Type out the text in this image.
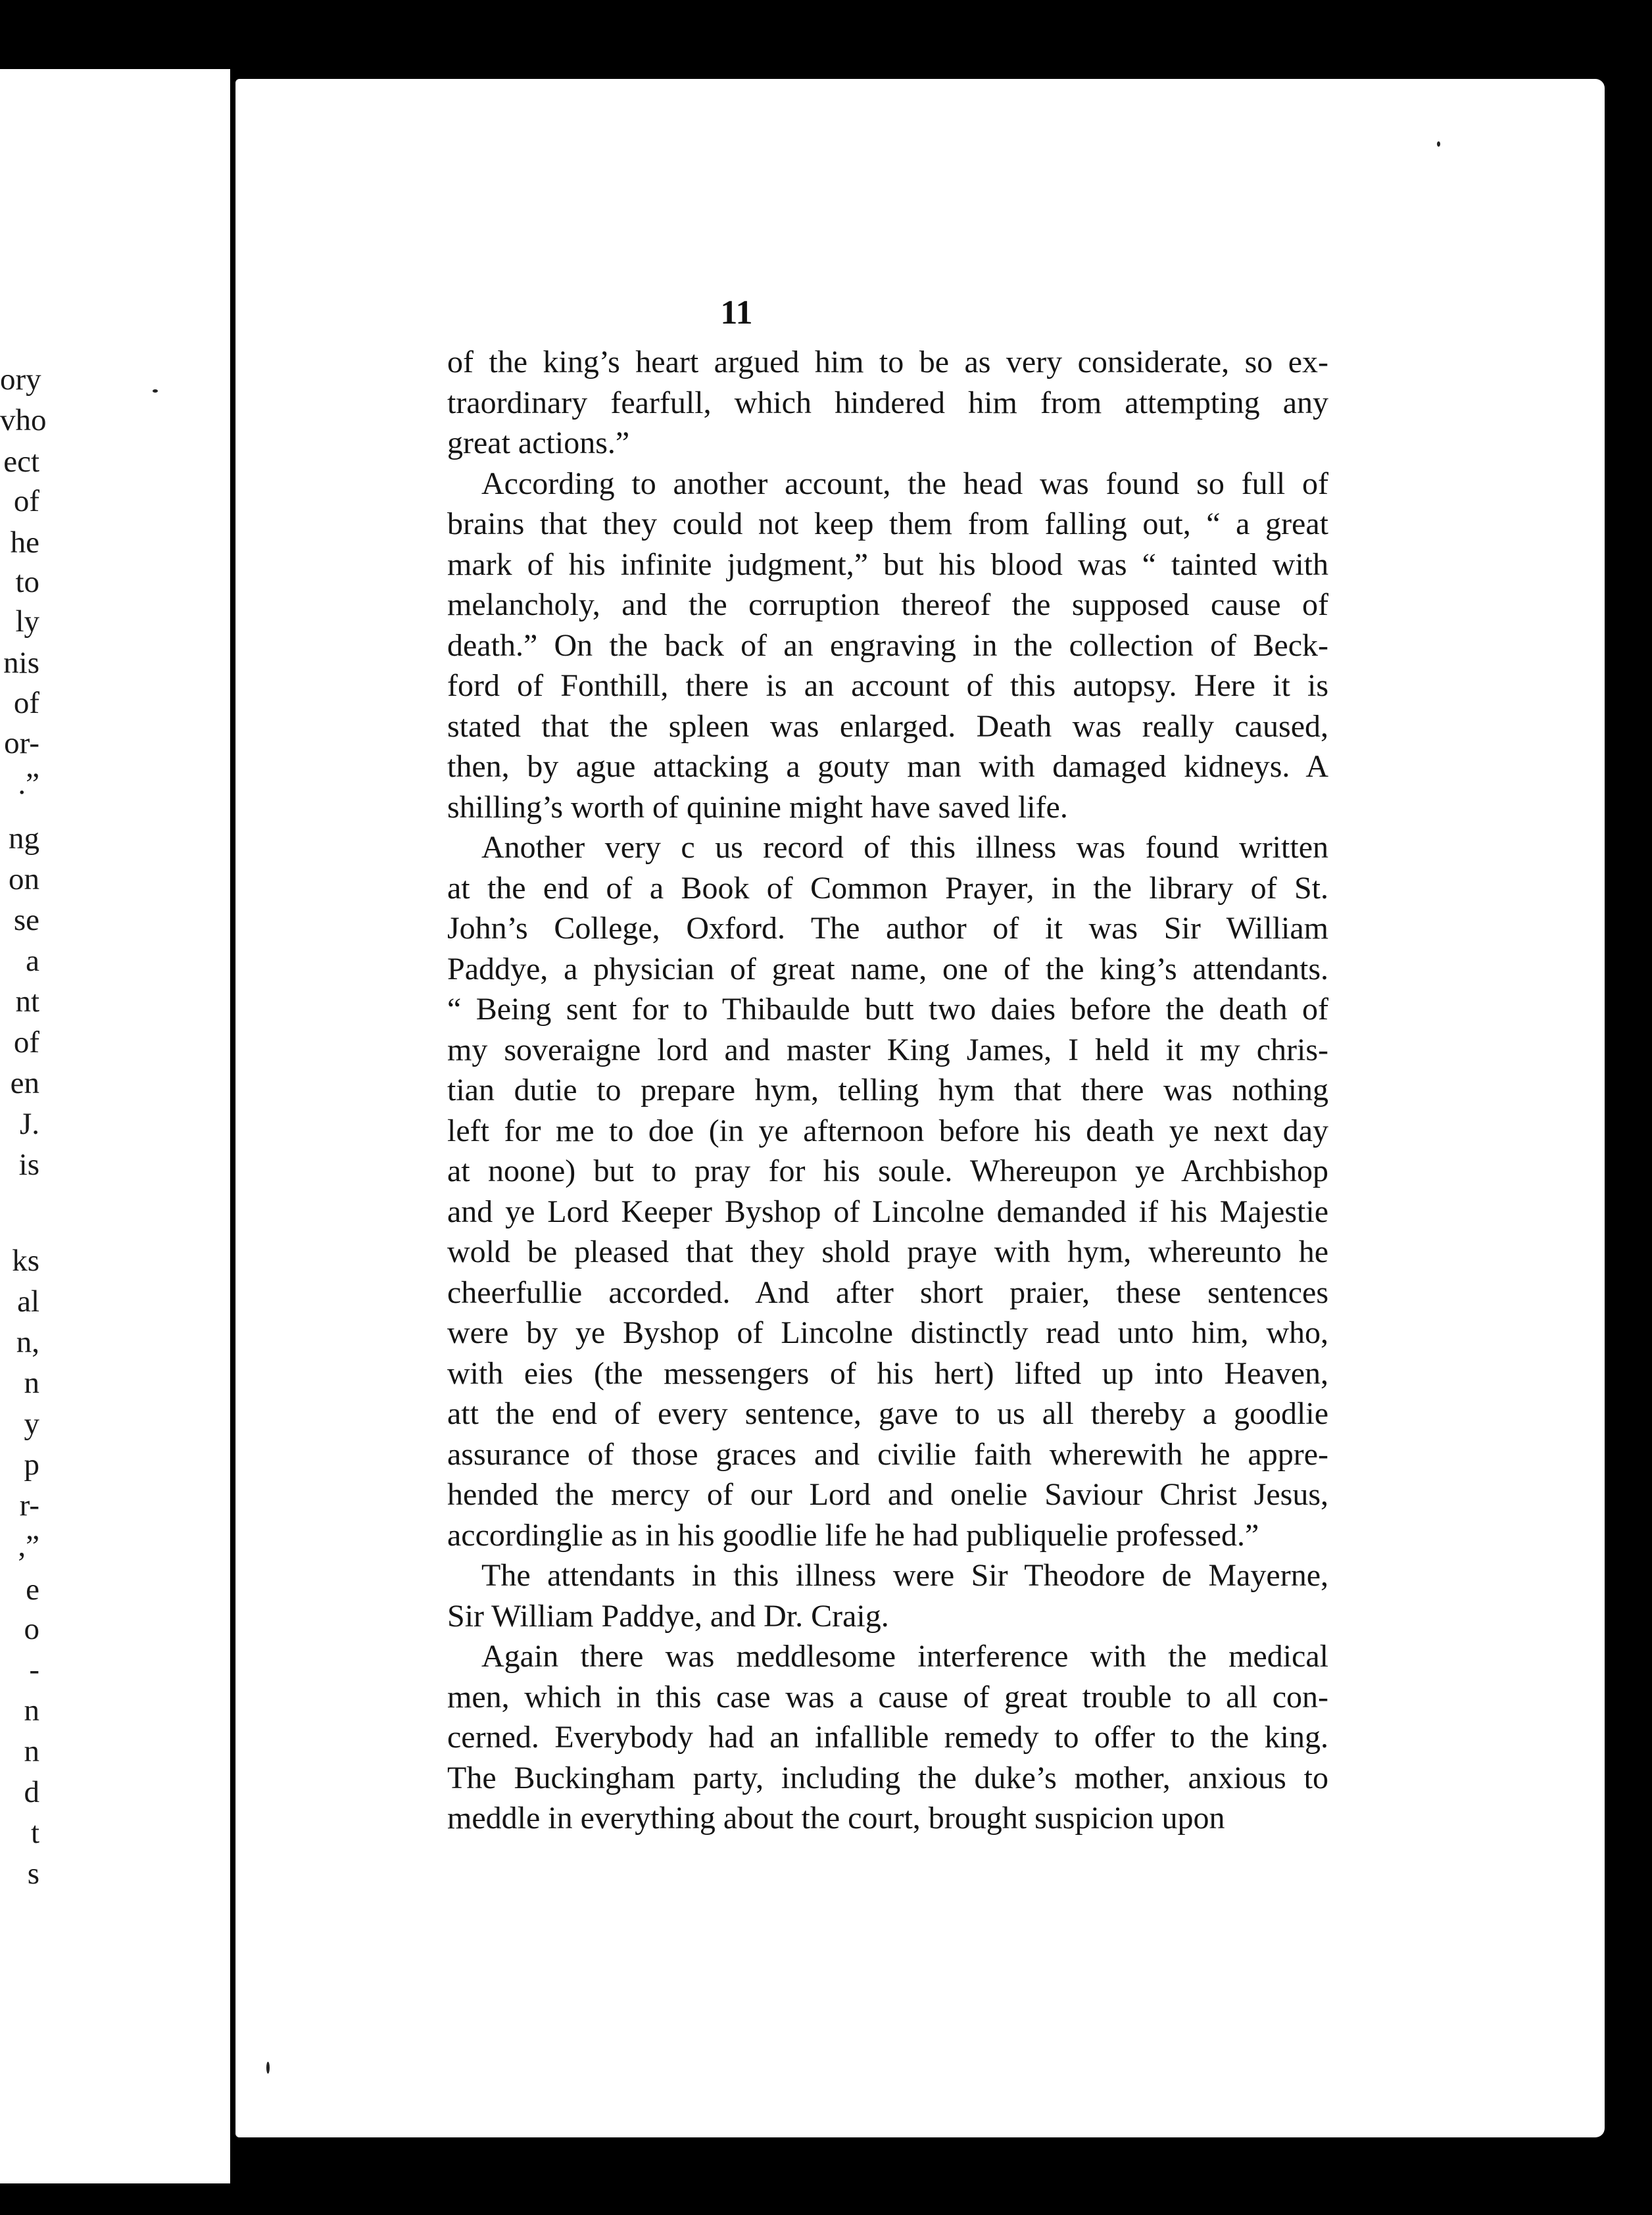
ory
vho
ect
of
he
to
ly
nis
of
or-
.”
ng
on
se
a
nt
of
en
J.
is
ks
al
n,
n
y
p
r-
,”
e
o
-
n
n
d
t
s
11
of the king’s heart argued him to be as very considerate, so ex-
traordinary fearfull, which hindered him from attempting any
great actions.”
According to another account, the head was found so full of
brains that they could not keep them from falling out, “ a great
mark of his infinite judgment,” but his blood was “ tainted with
melancholy, and the corruption thereof the supposed cause of
death.” On the back of an engraving in the collection of Beck-
ford of Fonthill, there is an account of this autopsy. Here it is
stated that the spleen was enlarged. Death was really caused,
then, by ague attacking a gouty man with damaged kidneys. A
shilling’s worth of quinine might have saved life.
Another very c us record of this illness was found written
at the end of a Book of Common Prayer, in the library of St.
John’s College, Oxford. The author of it was Sir William
Paddye, a physician of great name, one of the king’s attendants.
“ Being sent for to Thibaulde butt two daies before the death of
my soveraigne lord and master King James, I held it my chris-
tian dutie to prepare hym, telling hym that there was nothing
left for me to doe (in ye afternoon before his death ye next day
at noone) but to pray for his soule. Whereupon ye Archbishop
and ye Lord Keeper Byshop of Lincolne demanded if his Majestie
wold be pleased that they shold praye with hym, whereunto he
cheerfullie accorded. And after short praier, these sentences
were by ye Byshop of Lincolne distinctly read unto him, who,
with eies (the messengers of his hert) lifted up into Heaven,
att the end of every sentence, gave to us all thereby a goodlie
assurance of those graces and civilie faith wherewith he appre-
hended the mercy of our Lord and onelie Saviour Christ Jesus,
accordinglie as in his goodlie life he had publiquelie professed.”
The attendants in this illness were Sir Theodore de Mayerne,
Sir William Paddye, and Dr. Craig.
Again there was meddlesome interference with the medical
men, which in this case was a cause of great trouble to all con-
cerned. Everybody had an infallible remedy to offer to the king.
The Buckingham party, including the duke’s mother, anxious to
meddle in everything about the court, brought suspicion upon
